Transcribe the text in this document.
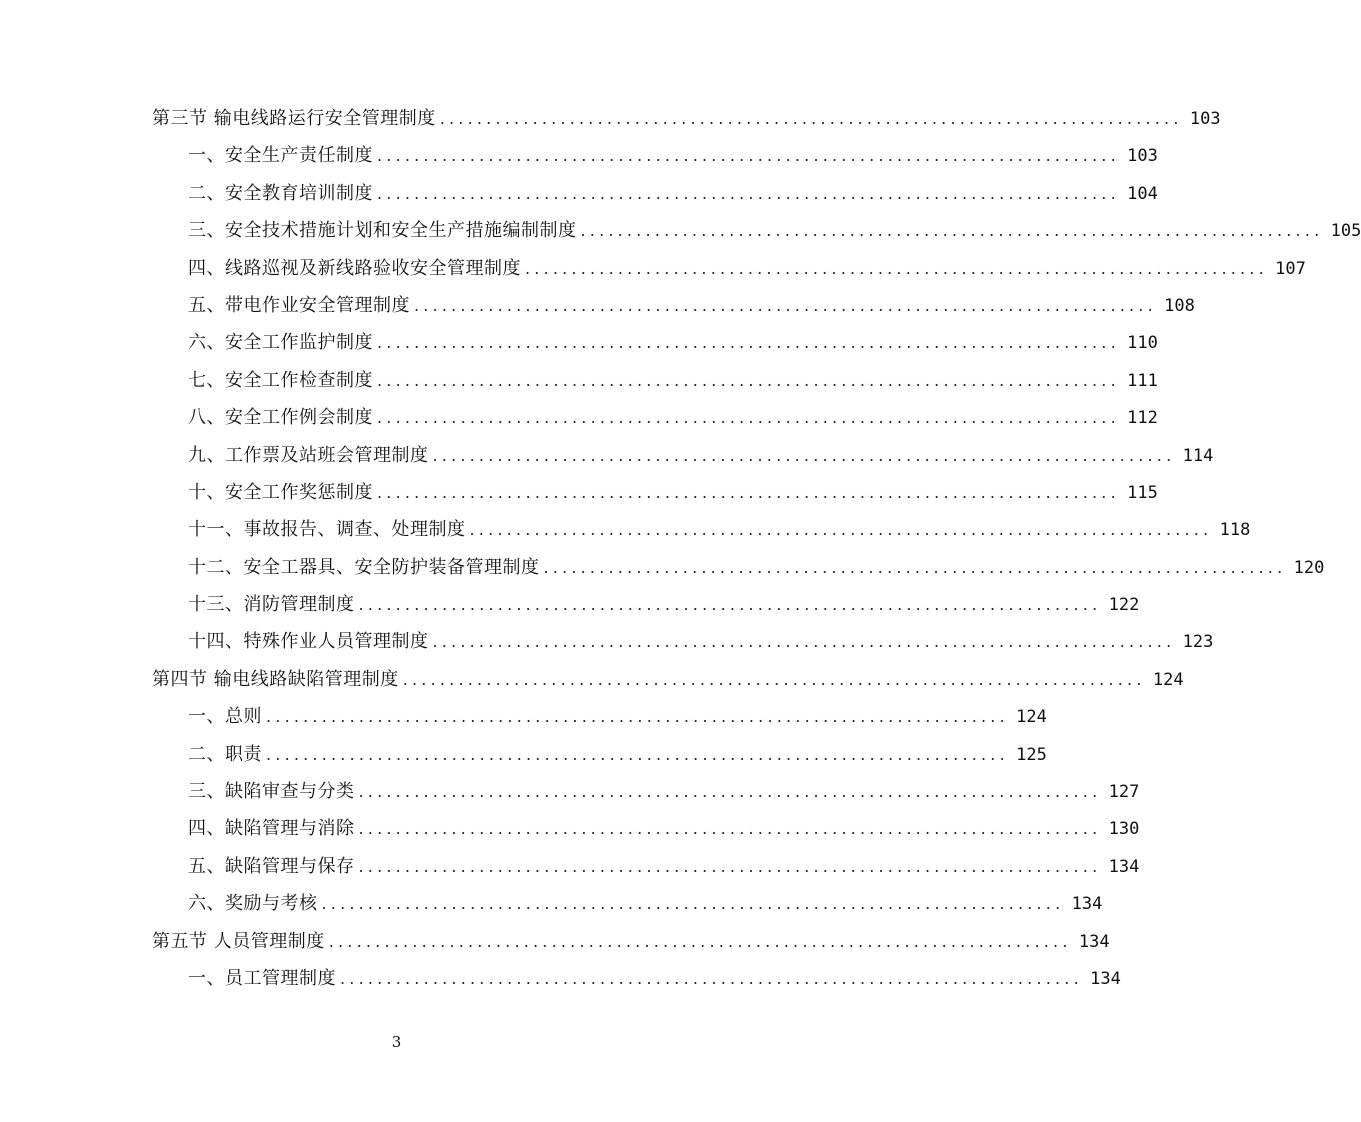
第三节 输电线路运行安全管理制度 ................................................................................ 103
一、安全生产责任制度 ................................................................................ 103
二、安全教育培训制度 ................................................................................ 104
三、安全技术措施计划和安全生产措施编制制度 ................................................................................ 105
四、线路巡视及新线路验收安全管理制度 ................................................................................ 107
五、带电作业安全管理制度 ................................................................................ 108
六、安全工作监护制度 ................................................................................ 110
七、安全工作检查制度 ................................................................................ 111
八、安全工作例会制度 ................................................................................ 112
九、工作票及站班会管理制度 ................................................................................ 114
十、安全工作奖惩制度 ................................................................................ 115
十一、事故报告、调查、处理制度 ................................................................................ 118
十二、安全工器具、安全防护装备管理制度 ................................................................................ 120
十三、消防管理制度 ................................................................................ 122
十四、特殊作业人员管理制度 ................................................................................ 123
第四节 输电线路缺陷管理制度 ................................................................................ 124
一、总则 ................................................................................ 124
二、职责 ................................................................................ 125
三、缺陷审查与分类 ................................................................................ 127
四、缺陷管理与消除 ................................................................................ 130
五、缺陷管理与保存 ................................................................................ 134
六、奖励与考核 ................................................................................ 134
第五节 人员管理制度 ................................................................................ 134
一、员工管理制度 ................................................................................ 134
3
